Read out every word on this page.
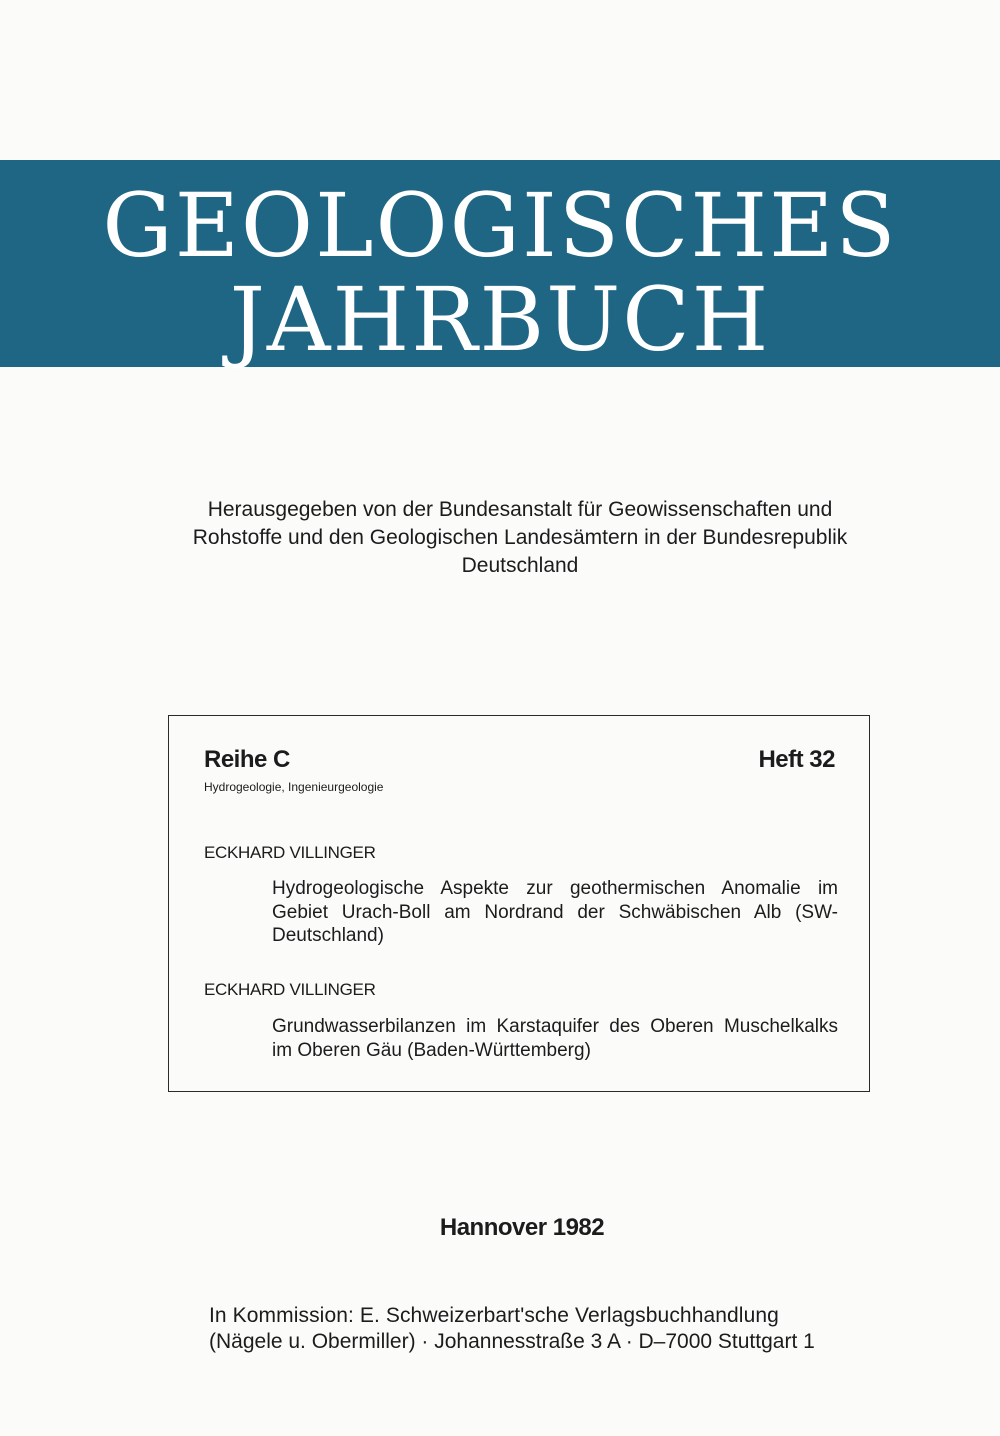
GEOLOGISCHES
JAHRBUCH
Herausgegeben von der Bundesanstalt für Geowissenschaften und
Rohstoffe und den Geologischen Landesämtern in der Bundesrepublik
Deutschland
Reihe C	Heft 32
Hydrogeologie, Ingenieurgeologie
ECKHARD VILLINGER
Hydrogeologische Aspekte zur geothermischen Anomalie im Gebiet Urach-Boll am Nordrand der Schwäbischen Alb (SW-Deutschland)
ECKHARD VILLINGER
Grundwasserbilanzen im Karstaquifer des Oberen Muschelkalks im Oberen Gäu (Baden-Württemberg)
Hannover 1982
In Kommission: E. Schweizerbart'sche Verlagsbuchhandlung
(Nägele u. Obermiller) · Johannesstraße 3 A · D–7000 Stuttgart 1
